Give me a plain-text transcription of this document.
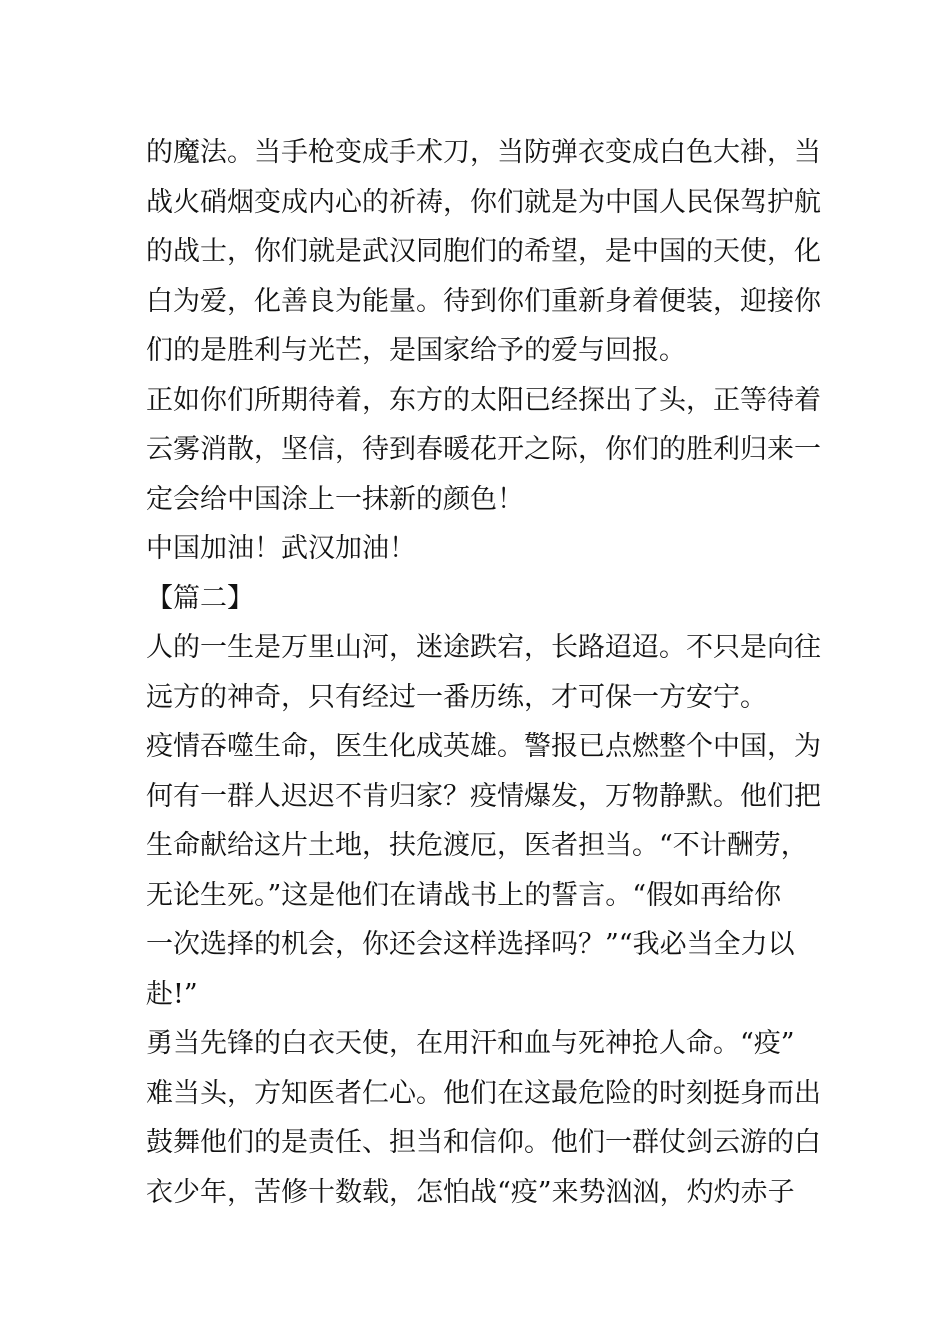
的魔法。当手枪变成手术刀，当防弹衣变成白色大褂，当
战火硝烟变成内心的祈祷，你们就是为中国人民保驾护航
的战士，你们就是武汉同胞们的希望，是中国的天使，化
白为爱，化善良为能量。待到你们重新身着便装，迎接你
们的是胜利与光芒，是国家给予的爱与回报。
正如你们所期待着，东方的太阳已经探出了头，正等待着
云雾消散，坚信，待到春暖花开之际，你们的胜利归来一
定会给中国涂上一抹新的颜色！
中国加油！武汉加油！
【篇二】
人的一生是万里山河，迷途跌宕，长路迢迢。不只是向往
远方的神奇，只有经过一番历练，才可保一方安宁。
疫情吞噬生命，医生化成英雄。警报已点燃整个中国，为
何有一群人迟迟不肯归家？疫情爆发，万物静默。他们把
生命献给这片土地，扶危渡厄，医者担当。“不计酬劳，
无论生死。”这是他们在请战书上的誓言。“假如再给你
一次选择的机会，你还会这样选择吗？”“我必当全力以
赴!”
勇当先锋的白衣天使，在用汗和血与死神抢人命。“疫”
难当头，方知医者仁心。他们在这最危险的时刻挺身而出
鼓舞他们的是责任、担当和信仰。他们一群仗剑云游的白
衣少年，苦修十数载，怎怕战“疫”来势汹汹，灼灼赤子
